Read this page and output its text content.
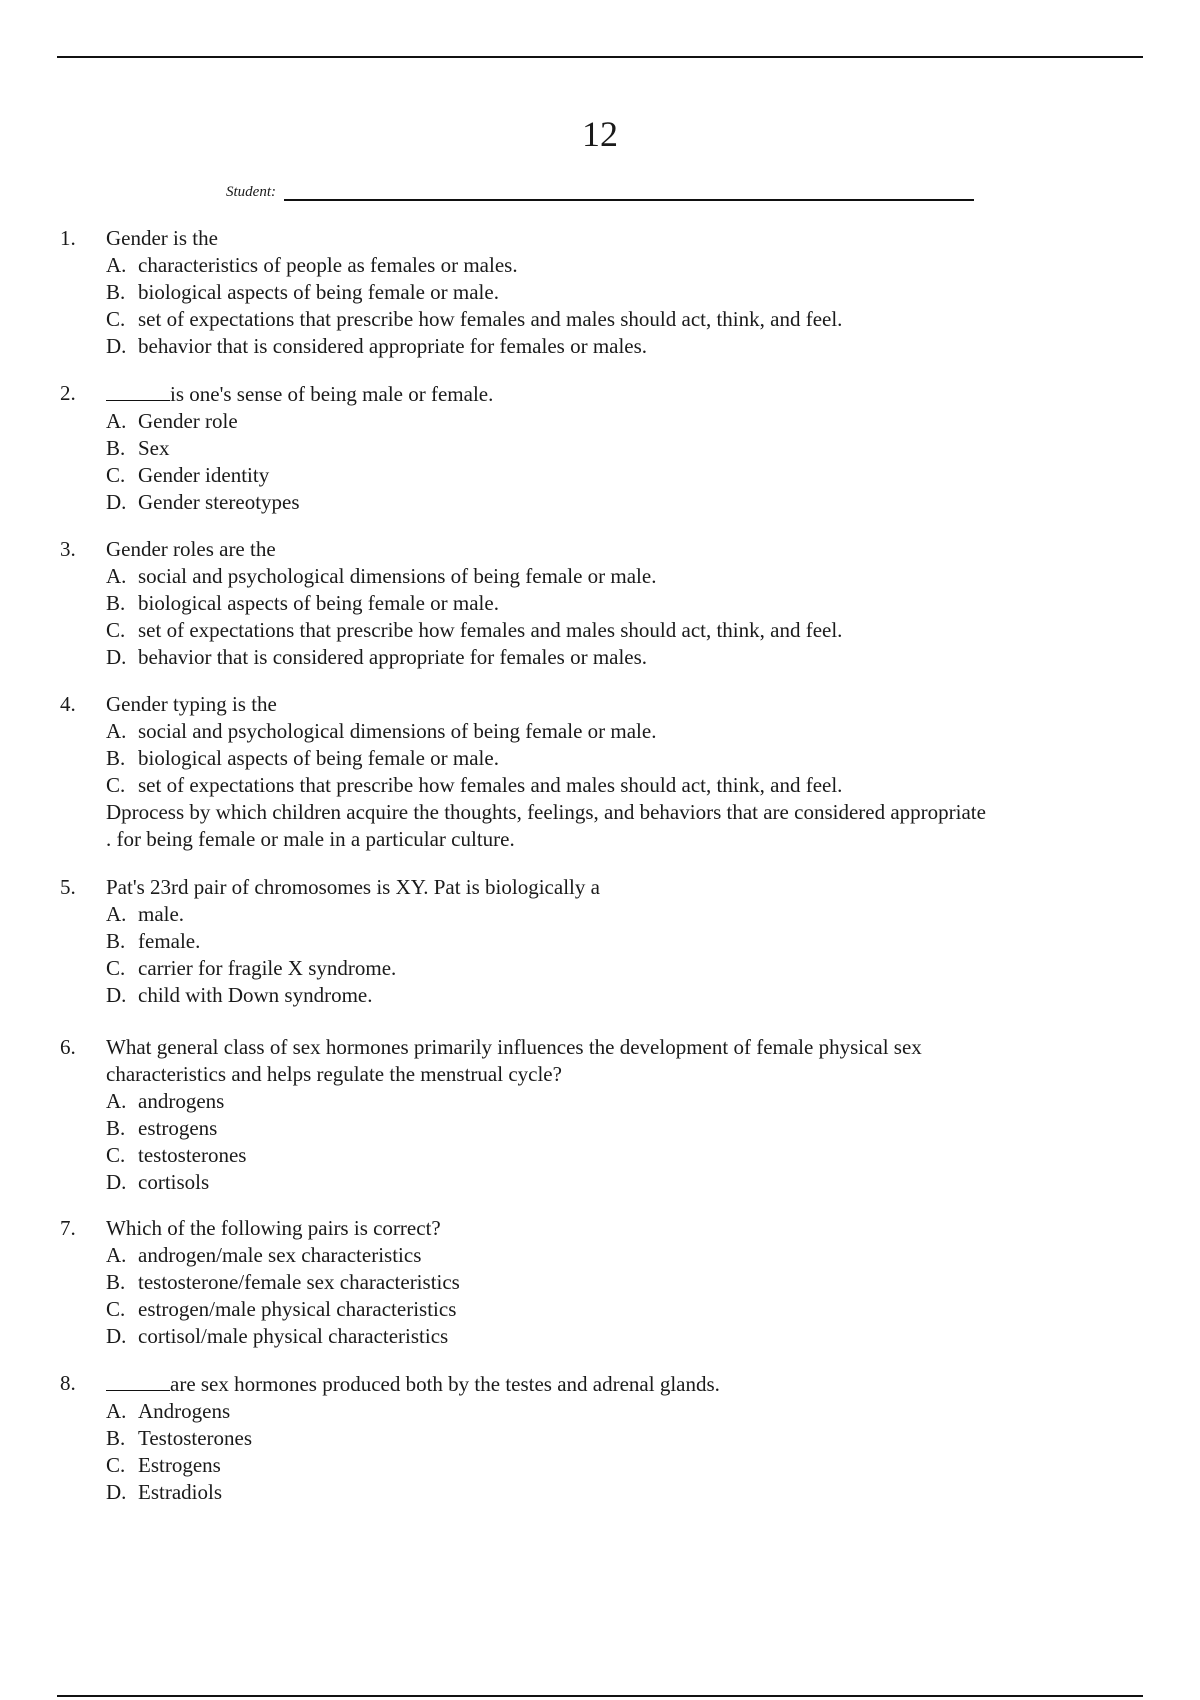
12
Student:
1.	Gender is the
A. characteristics of people as females or males.
B. biological aspects of being female or male.
C. set of expectations that prescribe how females and males should act, think, and feel.
D. behavior that is considered appropriate for females or males.
2.	is one's sense of being male or female.
A. Gender role
B. Sex
C. Gender identity
D. Gender stereotypes
3.	Gender roles are the
A. social and psychological dimensions of being female or male.
B. biological aspects of being female or male.
C. set of expectations that prescribe how females and males should act, think, and feel.
D. behavior that is considered appropriate for females or males.
4.	Gender typing is the
A. social and psychological dimensions of being female or male.
B. biological aspects of being female or male.
C. set of expectations that prescribe how females and males should act, think, and feel.
Dprocess by which children acquire the thoughts, feelings, and behaviors that are considered appropriate
. for being female or male in a particular culture.
5.	Pat's 23rd pair of chromosomes is XY. Pat is biologically a
A. male.
B. female.
C. carrier for fragile X syndrome.
D. child with Down syndrome.
6.	What general class of sex hormones primarily influences the development of female physical sex
characteristics and helps regulate the menstrual cycle?
A. androgens
B. estrogens
C. testosterones
D. cortisols
7.	Which of the following pairs is correct?
A. androgen/male sex characteristics
B. testosterone/female sex characteristics
C. estrogen/male physical characteristics
D. cortisol/male physical characteristics
8.	are sex hormones produced both by the testes and adrenal glands.
A. Androgens
B. Testosterones
C. Estrogens
D. Estradiols
